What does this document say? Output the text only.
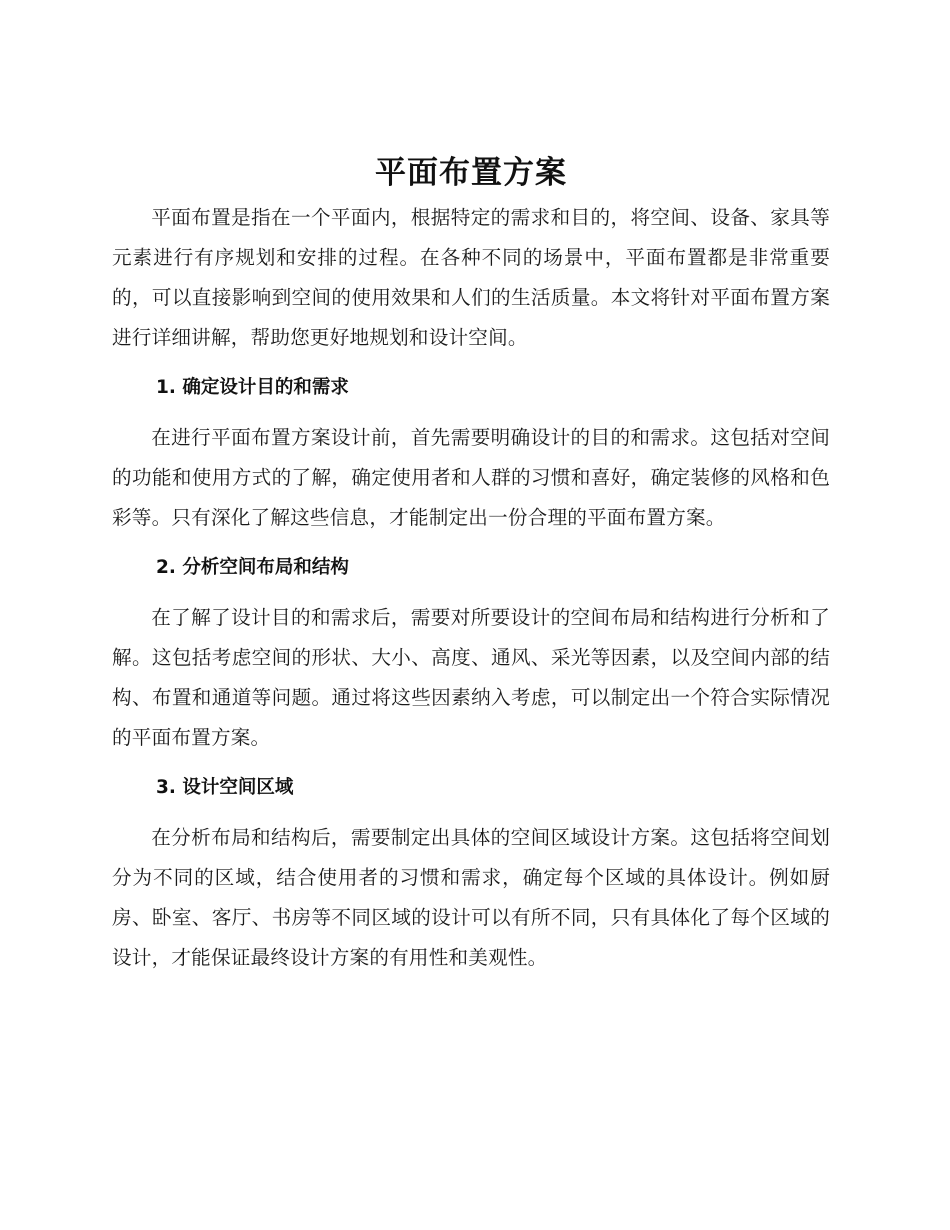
平面布置方案

平面布置是指在一个平面内，根据特定的需求和目的，将空间、设备、家具等元素进行有序规划和安排的过程。在各种不同的场景中，平面布置都是非常重要的，可以直接影响到空间的使用效果和人们的生活质量。本文将针对平面布置方案进行详细讲解，帮助您更好地规划和设计空间。

1. 确定设计目的和需求

在进行平面布置方案设计前，首先需要明确设计的目的和需求。这包括对空间的功能和使用方式的了解，确定使用者和人群的习惯和喜好，确定装修的风格和色彩等。只有深化了解这些信息，才能制定出一份合理的平面布置方案。

2. 分析空间布局和结构

在了解了设计目的和需求后，需要对所要设计的空间布局和结构进行分析和了解。这包括考虑空间的形状、大小、高度、通风、采光等因素，以及空间内部的结构、布置和通道等问题。通过将这些因素纳入考虑，可以制定出一个符合实际情况的平面布置方案。

3. 设计空间区域

在分析布局和结构后，需要制定出具体的空间区域设计方案。这包括将空间划分为不同的区域，结合使用者的习惯和需求，确定每个区域的具体设计。例如厨房、卧室、客厅、书房等不同区域的设计可以有所不同，只有具体化了每个区域的设计，才能保证最终设计方案的有用性和美观性。
